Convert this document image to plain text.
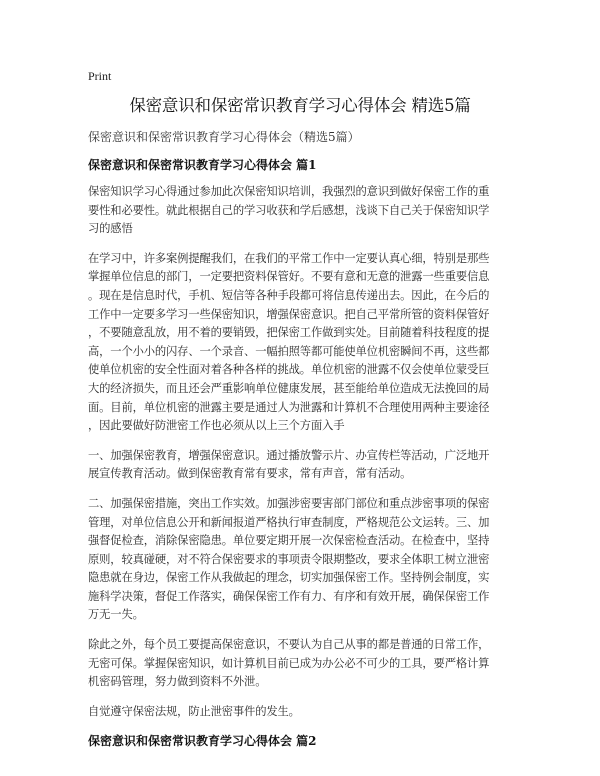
Print
保密意识和保密常识教育学习心得体会 精选5篇

保密意识和保密常识教育学习心得体会（精选5篇）

保密意识和保密常识教育学习心得体会 篇1

保密知识学习心得通过参加此次保密知识培训，我强烈的意识到做好保密工作的重
要性和必要性。就此根据自己的学习收获和学后感想，浅谈下自己关于保密知识学
习的感悟

在学习中，许多案例提醒我们，在我们的平常工作中一定要认真心细，特别是那些
掌握单位信息的部门，一定要把资料保管好。不要有意和无意的泄露一些重要信息
。现在是信息时代，手机、短信等各种手段都可将信息传递出去。因此，在今后的
工作中一定要多学习一些保密知识，增强保密意识。把自己平常所管的资料保管好
，不要随意乱放，用不着的要销毁，把保密工作做到实处。目前随着科技程度的提
高，一个小小的闪存、一个录音、一幅拍照等都可能使单位机密瞬间不再，这些都
使单位机密的安全性面对着各种各样的挑战。单位机密的泄露不仅会使单位蒙受巨
大的经济损失，而且还会严重影响单位健康发展，甚至能给单位造成无法挽回的局
面。目前，单位机密的泄露主要是通过人为泄露和计算机不合理使用两种主要途径
，因此要做好防泄密工作也必须从以上三个方面入手

一、加强保密教育，增强保密意识。通过播放警示片、办宣传栏等活动，广泛地开
展宣传教育活动。做到保密教育常有要求，常有声音，常有活动。

二、加强保密措施，突出工作实效。加强涉密要害部门部位和重点涉密事项的保密
管理，对单位信息公开和新闻报道严格执行审查制度，严格规范公文运转。三、加
强督促检查，消除保密隐患。单位要定期开展一次保密检查活动。在检查中，坚持
原则，较真碰硬，对不符合保密要求的事项责令限期整改，要求全体职工树立泄密
隐患就在身边，保密工作从我做起的理念，切实加强保密工作。坚持例会制度，实
施科学决策，督促工作落实，确保保密工作有力、有序和有效开展，确保保密工作
万无一失。

除此之外，每个员工要提高保密意识，不要认为自己从事的都是普通的日常工作，
无密可保。掌握保密知识，如计算机目前已成为办公必不可少的工具，要严格计算
机密码管理，努力做到资料不外泄。

自觉遵守保密法规，防止泄密事件的发生。

保密意识和保密常识教育学习心得体会 篇2
